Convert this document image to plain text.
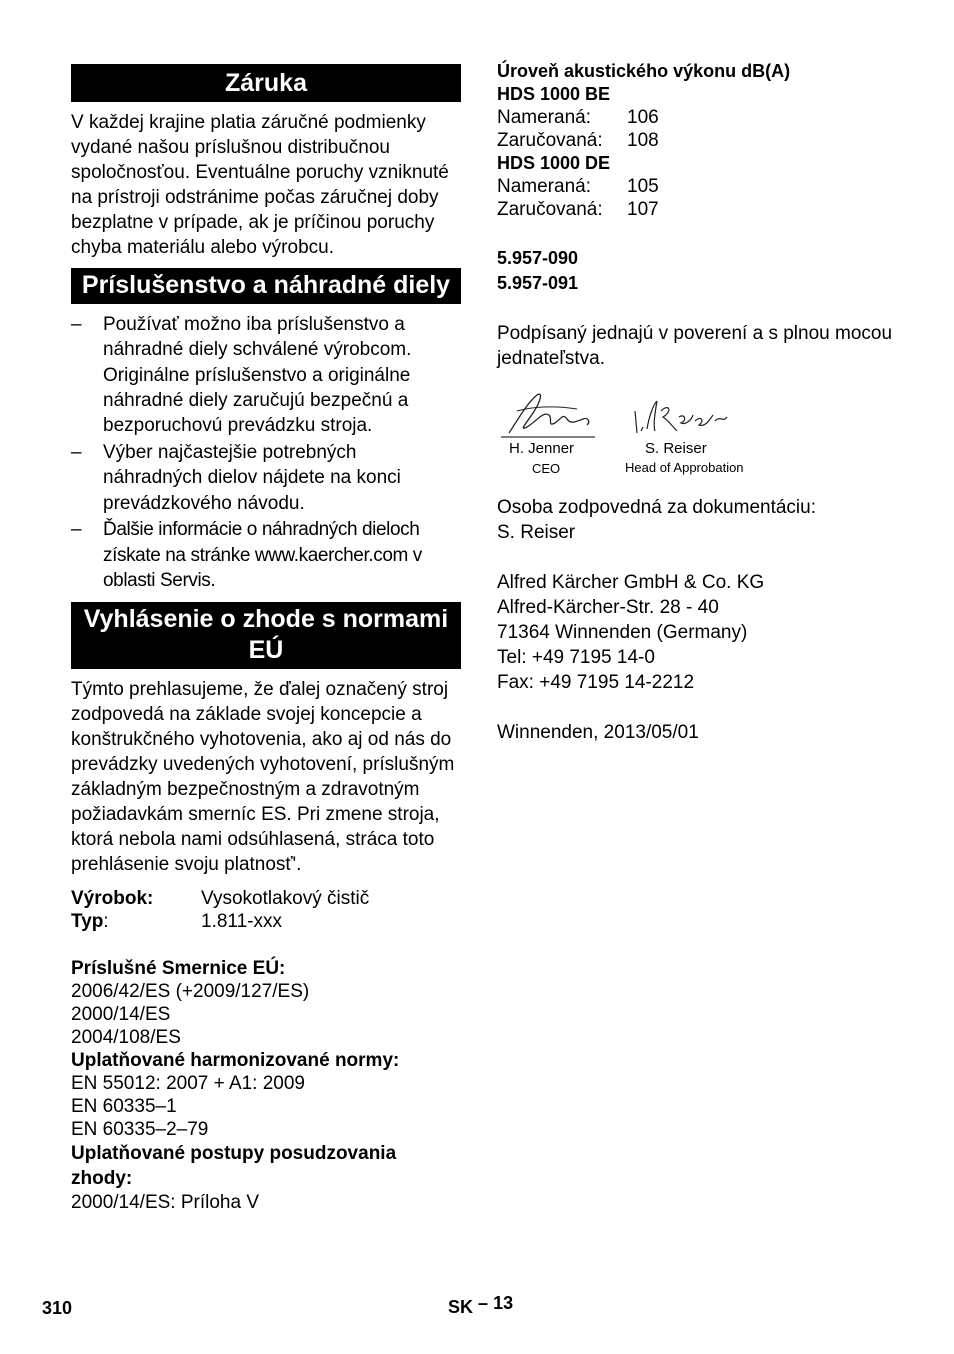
Záruka

V každej krajine platia záručné podmienky vydané našou príslušnou distribučnou spoločnosťou. Eventuálne poruchy vzniknuté na prístroji odstránime počas záručnej doby bezplatne v prípade, ak je príčinou poruchy chyba materiálu alebo výrobcu.

Príslušenstvo a náhradné diely
– Používať možno iba príslušenstvo a náhradné diely schválené výrobcom. Originálne príslušenstvo a originálne náhradné diely zaručujú bezpečnú a bezporuchovú prevádzku stroja.
– Výber najčastejšie potrebných náhradných dielov nájdete na konci prevádzkového návodu.
– Ďalšie informácie o náhradných dieloch získate na stránke www.kaercher.com v oblasti Servis.
Vyhlásenie o zhode s normami EÚ

Týmto prehlasujeme, že ďalej označený stroj zodpovedá na základe svojej koncepcie a konštrukčného vyhotovenia, ako aj od nás do prevádzky uvedených vyhotovení, príslušným základným bezpečnostným a zdravotným požiadavkám smerníc ES. Pri zmene stroja, ktorá nebola nami odsúhlasená, stráca toto prehlásenie svoju platnosť'.

Výrobok:	Vysokotlakový čistič
Typ:	1.811-xxx
Príslušné Smernice EÚ:
2006/42/ES (+2009/127/ES)
2000/14/ES
2004/108/ES
Uplatňované harmonizované normy:
EN 55012: 2007 + A1: 2009
EN 60335–1
EN 60335–2–79
Uplatňované postupy posudzovania zhody:
2000/14/ES: Príloha V
Úroveň akustického výkonu dB(A)
HDS 1000 BE
Nameraná:	106
Zaručovaná:	108
HDS 1000 DE
Nameraná:	105
Zaručovaná:	107
5.957-090
5.957-091

Podpísaný jednajú v poverení a s plnou mocou jednateľstva.

H. Jenner
CEO
S. Reiser
Head of Approbation
Osoba zodpovedná za dokumentáciu:
S. Reiser
Alfred Kärcher GmbH & Co. KG
Alfred-Kärcher-Str. 28 - 40
71364 Winnenden (Germany)
Tel: +49 7195 14-0
Fax: +49 7195 14-2212
Winnenden, 2013/05/01
310	SK – 13
